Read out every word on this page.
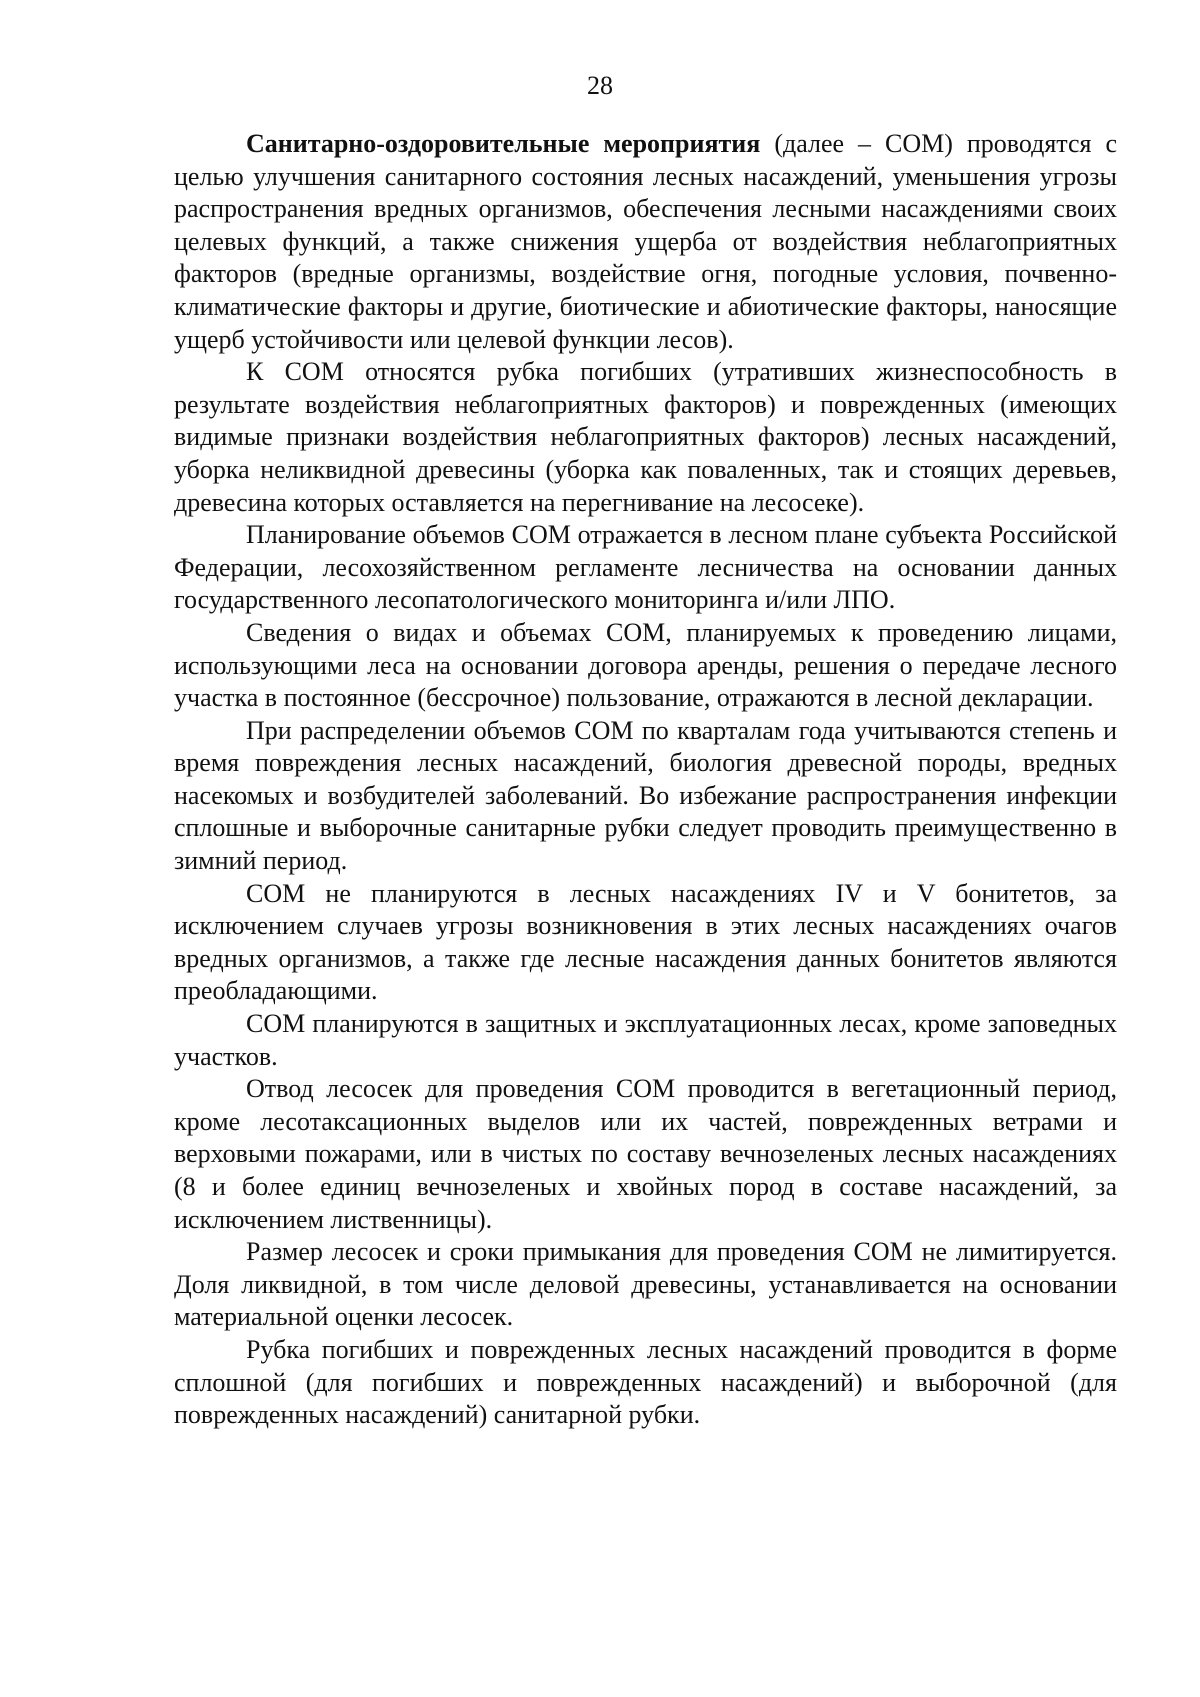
28

Санитарно-оздоровительные мероприятия (далее – СОМ) проводятся с целью улучшения санитарного состояния лесных насаждений, уменьшения угрозы распространения вредных организмов, обеспечения лесными насаждениями своих целевых функций, а также снижения ущерба от воздействия неблагоприятных факторов (вредные организмы, воздействие огня, погодные условия, почвенно-климатические факторы и другие, биотические и абиотические факторы, наносящие ущерб устойчивости или целевой функции лесов).

К СОМ относятся рубка погибших (утративших жизнеспособность в результате воздействия неблагоприятных факторов) и поврежденных (имеющих видимые признаки воздействия неблагоприятных факторов) лесных насаждений, уборка неликвидной древесины (уборка как поваленных, так и стоящих деревьев, древесина которых оставляется на перегнивание на лесосеке).

Планирование объемов СОМ отражается в лесном плане субъекта Российской Федерации, лесохозяйственном регламенте лесничества на основании данных государственного лесопатологического мониторинга и/или ЛПО.

Сведения о видах и объемах СОМ, планируемых к проведению лицами, использующими леса на основании договора аренды, решения о передаче лесного участка в постоянное (бессрочное) пользование, отражаются в лесной декларации.

При распределении объемов СОМ по кварталам года учитываются степень и время повреждения лесных насаждений, биология древесной породы, вредных насекомых и возбудителей заболеваний. Во избежание распространения инфекции сплошные и выборочные санитарные рубки следует проводить преимущественно в зимний период.

СОМ не планируются в лесных насаждениях IV и V бонитетов, за исключением случаев угрозы возникновения в этих лесных насаждениях очагов вредных организмов, а также где лесные насаждения данных бонитетов являются преобладающими.

СОМ планируются в защитных и эксплуатационных лесах, кроме заповедных участков.

Отвод лесосек для проведения СОМ проводится в вегетационный период, кроме лесотаксационных выделов или их частей, поврежденных ветрами и верховыми пожарами, или в чистых по составу вечнозеленых лесных насаждениях (8 и более единиц вечнозеленых и хвойных пород в составе насаждений, за исключением лиственницы).

Размер лесосек и сроки примыкания для проведения СОМ не лимитируется. Доля ликвидной, в том числе деловой древесины, устанавливается на основании материальной оценки лесосек.

Рубка погибших и поврежденных лесных насаждений проводится в форме сплошной (для погибших и поврежденных насаждений) и выборочной (для поврежденных насаждений) санитарной рубки.
